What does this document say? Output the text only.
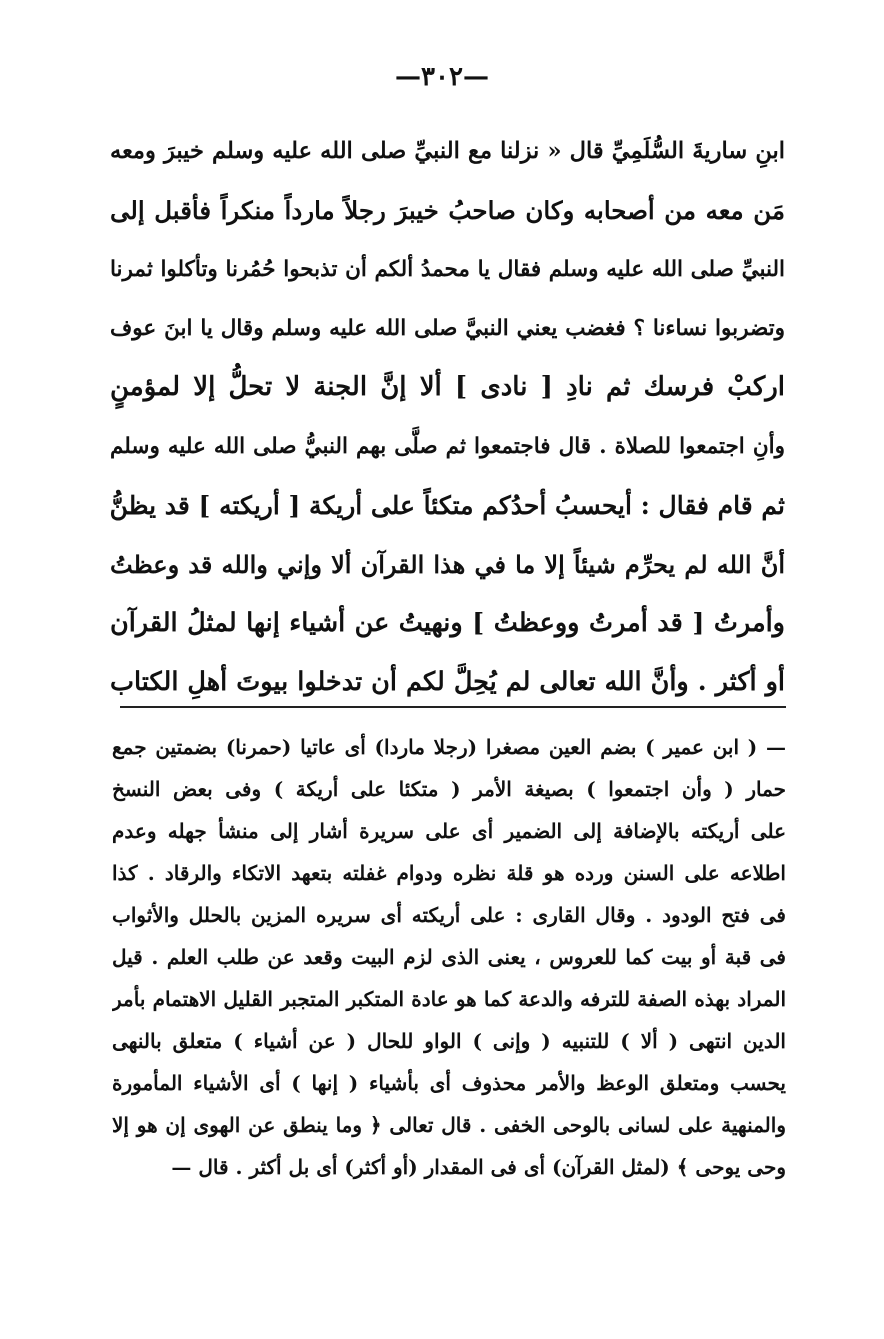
—٣٠٢—
ابنِ ساريةَ السُّلَمِيِّ قال « نزلنا مع النبيِّ صلى الله عليه وسلم خيبرَ ومعه
مَن معه من أصحابه وكان صاحبُ خيبرَ رجلاً مارداً منكراً فأقبل إلى
النبيِّ صلى الله عليه وسلم فقال يا محمدُ ألكم أن تذبحوا حُمُرنا وتأكلوا ثمرنا
وتضربوا نساءنا ؟ فغضب يعني النبيَّ صلى الله عليه وسلم وقال يا ابنَ عوف
اركبْ فرسك ثم نادِ [ نادى ] ألا إنَّ الجنة لا تحلُّ إلا لمؤمنٍ
وأنِ اجتمعوا للصلاة . قال فاجتمعوا ثم صلَّى بهم النبيُّ صلى الله عليه وسلم
ثم قام فقال : أيحسبُ أحدُكم متكئاً على أريكة [ أريكته ] قد يظنُّ
أنَّ الله لم يحرِّم شيئاً إلا ما في هذا القرآن ألا وإني والله قد وعظتُ
وأمرتُ [ قد أمرتُ ووعظتُ ] ونهيتُ عن أشياء إنها لمثلُ القرآن
أو أكثر . وأنَّ الله تعالى لم يُحِلَّ لكم أن تدخلوا بيوتَ أهلِ الكتاب
— ( ابن عمير ) بضم العين مصغرا (رجلا ماردا) أى عاتيا (حمرنا) بضمتين جمع
حمار ( وأن اجتمعوا ) بصيغة الأمر ( متكئا على أريكة ) وفى بعض النسخ
على أريكته بالإضافة إلى الضمير أى على سريرة أشار إلى منشأ جهله وعدم
اطلاعه على السنن ورده هو قلة نظره ودوام غفلته بتعهد الاتكاء والرقاد . كذا
فى فتح الودود . وقال القارى : على أريكته أى سريره المزين بالحلل والأثواب
فى قبة أو بيت كما للعروس ، يعنى الذى لزم البيت وقعد عن طلب العلم . قيل
المراد بهذه الصفة للترفه والدعة كما هو عادة المتكبر المتجبر القليل الاهتمام بأمر
الدين انتهى ( ألا ) للتنبيه ( وإنى ) الواو للحال ( عن أشياء ) متعلق بالنهى
يحسب ومتعلق الوعظ والأمر محذوف أى بأشياء ( إنها ) أى الأشياء المأمورة
والمنهية على لسانى بالوحى الخفى . قال تعالى ﴿ وما ينطق عن الهوى إن هو إلا
وحى يوحى ﴾ (لمثل القرآن) أى فى المقدار (أو أكثر) أى بل أكثر . قال —
